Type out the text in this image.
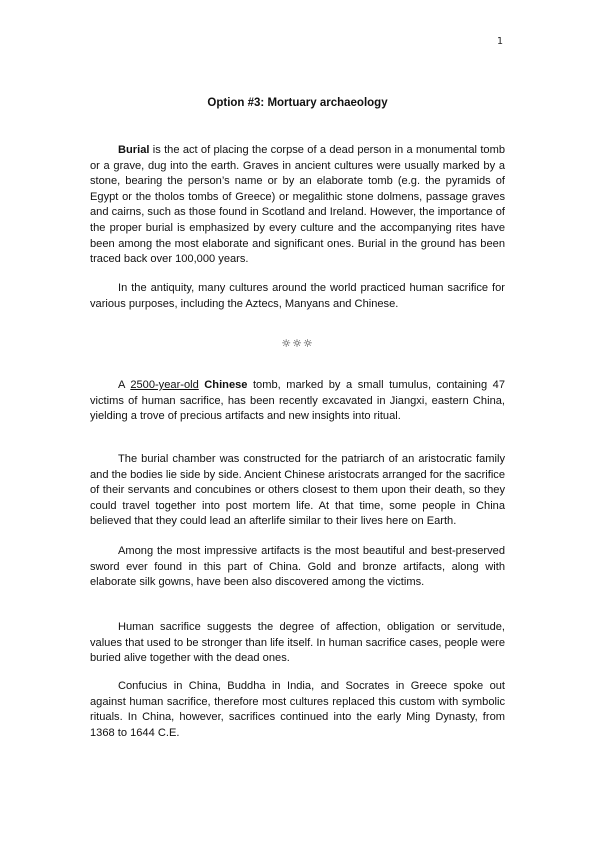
1
Option #3: Mortuary archaeology

Burial is the act of placing the corpse of a dead person in a monumental tomb or a grave, dug into the earth. Graves in ancient cultures were usually marked by a stone, bearing the person’s name or by an elaborate tomb (e.g. the pyramids of Egypt or the tholos tombs of Greece) or megalithic stone dolmens, passage graves and cairns, such as those found in Scotland and Ireland. However, the importance of the proper burial is emphasized by every culture and the accompanying rites have been among the most elaborate and significant ones. Burial in the ground has been traced back over 100,000 years.

In the antiquity, many cultures around the world practiced human sacrifice for various purposes, including the Aztecs, Manyans and Chinese.

☼☼☼

A 2500-year-old Chinese tomb, marked by a small tumulus, containing 47 victims of human sacrifice, has been recently excavated in Jiangxi, eastern China, yielding a trove of precious artifacts and new insights into ritual.

The burial chamber was constructed for the patriarch of an aristocratic family and the bodies lie side by side. Ancient Chinese aristocrats arranged for the sacrifice of their servants and concubines or others closest to them upon their death, so they could travel together into post mortem life. At that time, some people in China believed that they could lead an afterlife similar to their lives here on Earth.

Among the most impressive artifacts is the most beautiful and best-preserved sword ever found in this part of China. Gold and bronze artifacts, along with elaborate silk gowns, have been also discovered among the victims.

Human sacrifice suggests the degree of affection, obligation or servitude, values that used to be stronger than life itself. In human sacrifice cases, people were buried alive together with the dead ones.

Confucius in China, Buddha in India, and Socrates in Greece spoke out against human sacrifice, therefore most cultures replaced this custom with symbolic rituals. In China, however, sacrifices continued into the early Ming Dynasty, from 1368 to 1644 C.E.
